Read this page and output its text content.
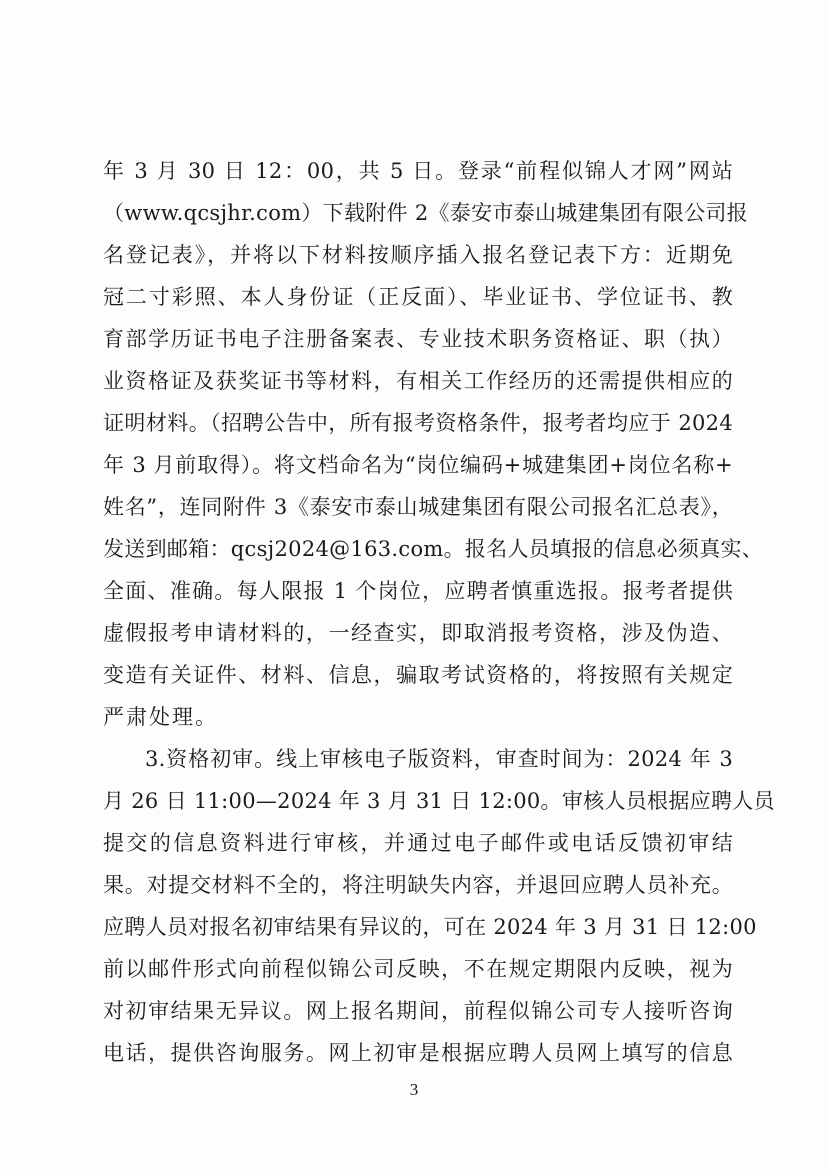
年 3 月 30 日 12：00，共 5 日。登录“前程似锦人才网”网站
（www.qcsjhr.com）下载附件 2《泰安市泰山城建集团有限公司报
名登记表》，并将以下材料按顺序插入报名登记表下方：近期免
冠二寸彩照、本人身份证（正反面）、毕业证书、学位证书、教
育部学历证书电子注册备案表、专业技术职务资格证、职（执）
业资格证及获奖证书等材料，有相关工作经历的还需提供相应的
证明材料。（招聘公告中，所有报考资格条件，报考者均应于 2024
年 3 月前取得）。将文档命名为“岗位编码+城建集团+岗位名称+
姓名”，连同附件 3《泰安市泰山城建集团有限公司报名汇总表》，
发送到邮箱：qcsj2024@163.com。报名人员填报的信息必须真实、
全面、准确。每人限报 1 个岗位，应聘者慎重选报。报考者提供
虚假报考申请材料的，一经查实，即取消报考资格，涉及伪造、
变造有关证件、材料、信息，骗取考试资格的，将按照有关规定
严肃处理。
3.资格初审。线上审核电子版资料，审查时间为：2024 年 3
月 26 日 11:00—2024 年 3 月 31 日 12:00。审核人员根据应聘人员
提交的信息资料进行审核，并通过电子邮件或电话反馈初审结
果。对提交材料不全的，将注明缺失内容，并退回应聘人员补充。
应聘人员对报名初审结果有异议的，可在 2024 年 3 月 31 日 12:00
前以邮件形式向前程似锦公司反映，不在规定期限内反映，视为
对初审结果无异议。网上报名期间，前程似锦公司专人接听咨询
电话，提供咨询服务。网上初审是根据应聘人员网上填写的信息
3
